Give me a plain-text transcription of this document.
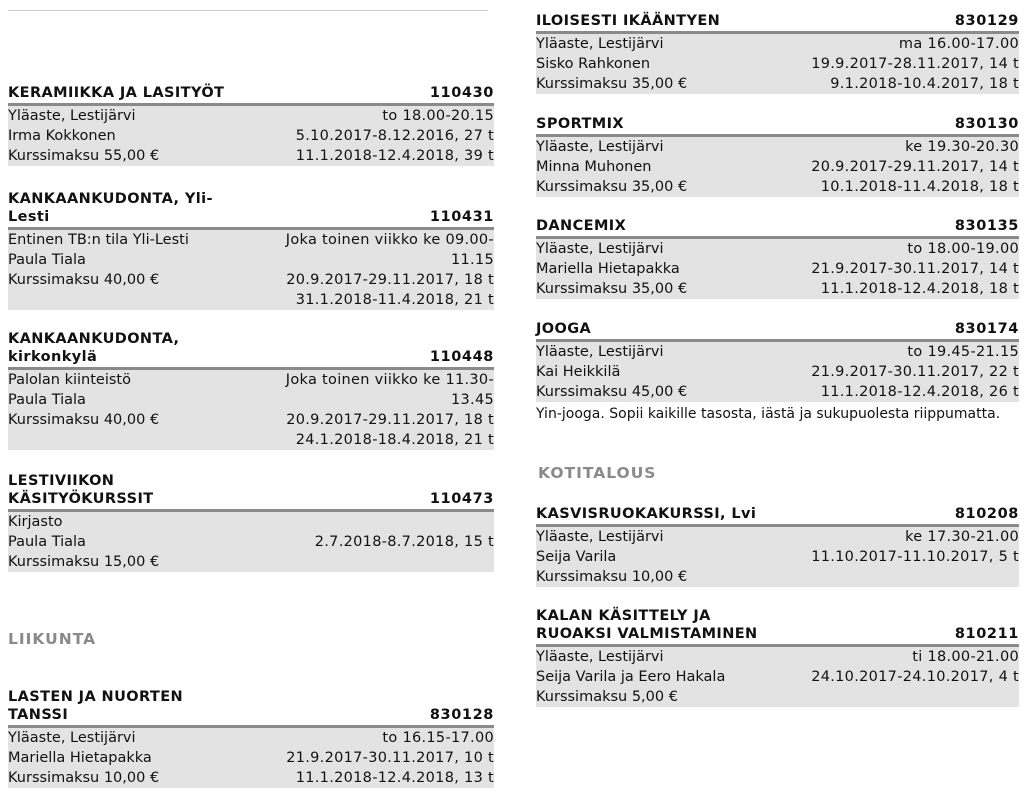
KERAMIIKKA JA LASITYÖT	110430
Yläaste, Lestijärvi	to 18.00-20.15
Irma Kokkonen	5.10.2017-8.12.2016, 27 t
Kurssimaksu 55,00 €	11.1.2018-12.4.2018, 39 t
KANKAANKUDONTA, Yli-Lesti	110431
Entinen TB:n tila Yli-Lesti	Joka toinen viikko ke 09.00-
Paula Tiala	11.15
Kurssimaksu 40,00 €	20.9.2017-29.11.2017, 18 t
31.1.2018-11.4.2018, 21 t
KANKAANKUDONTA, kirkonkylä	110448
Palolan kiinteistö	Joka toinen viikko ke 11.30-
Paula Tiala	13.45
Kurssimaksu 40,00 €	20.9.2017-29.11.2017, 18 t
24.1.2018-18.4.2018, 21 t
LESTIVIIKON KÄSITYÖKURSSIT	110473
Kirjasto
Paula Tiala	2.7.2018-8.7.2018, 15 t
Kurssimaksu 15,00 €
LIIKUNTA
LASTEN JA NUORTEN TANSSI	830128
Yläaste, Lestijärvi	to 16.15-17.00
Mariella Hietapakka	21.9.2017-30.11.2017, 10 t
Kurssimaksu 10,00 €	11.1.2018-12.4.2018, 13 t
ILOISESTI IKÄÄNTYEN	830129
Yläaste, Lestijärvi	ma 16.00-17.00
Sisko Rahkonen	19.9.2017-28.11.2017, 14 t
Kurssimaksu 35,00 €	9.1.2018-10.4.2017, 18 t
SPORTMIX	830130
Yläaste, Lestijärvi	ke 19.30-20.30
Minna Muhonen	20.9.2017-29.11.2017, 14 t
Kurssimaksu 35,00 €	10.1.2018-11.4.2018, 18 t
DANCEMIX	830135
Yläaste, Lestijärvi	to 18.00-19.00
Mariella Hietapakka	21.9.2017-30.11.2017, 14 t
Kurssimaksu 35,00 €	11.1.2018-12.4.2018, 18 t
JOOGA	830174
Yläaste, Lestijärvi	to 19.45-21.15
Kai Heikkilä	21.9.2017-30.11.2017, 22 t
Kurssimaksu 45,00 €	11.1.2018-12.4.2018, 26 t
Yin-jooga. Sopii kaikille tasosta, iästä ja sukupuolesta riippumatta.
KOTITALOUS
KASVISRUOKAKURSSI, Lvi	810208
Yläaste, Lestijärvi	ke 17.30-21.00
Seija Varila	11.10.2017-11.10.2017, 5 t
Kurssimaksu 10,00 €
KALAN KÄSITTELY JA RUOAKSI VALMISTAMINEN	810211
Yläaste, Lestijärvi	ti 18.00-21.00
Seija Varila ja Eero Hakala	24.10.2017-24.10.2017, 4 t
Kurssimaksu 5,00 €
